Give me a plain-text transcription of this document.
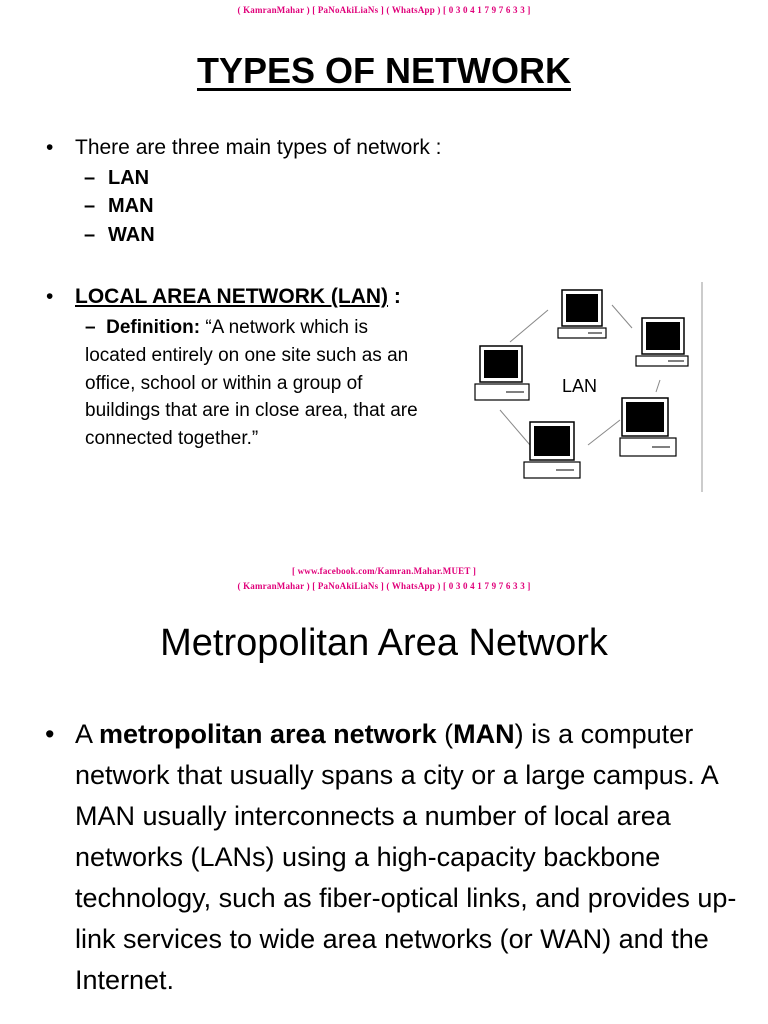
( KamranMahar ) [ PaNoAkiLiaNs ] ( WhatsApp ) [ 0 3 0 4 1 7 9 7 6 3 3 ]
TYPES OF NETWORK
• There are three main types of network :
– LAN
– MAN
– WAN
• LOCAL AREA NETWORK (LAN) :
– Definition: “A network which is located entirely on one site such as an office, school or within a group of buildings that are in close area, that are connected together.”
LAN
[ www.facebook.com/Kamran.Mahar.MUET ]
( KamranMahar ) [ PaNoAkiLiaNs ] ( WhatsApp ) [ 0 3 0 4 1 7 9 7 6 3 3 ]
Metropolitan Area Network
• A metropolitan area network (MAN) is a computer network that usually spans a city or a large campus. A MAN usually interconnects a number of local area networks (LANs) using a high-capacity backbone technology, such as fiber-optical links, and provides up-link services to wide area networks (or WAN) and the Internet.
